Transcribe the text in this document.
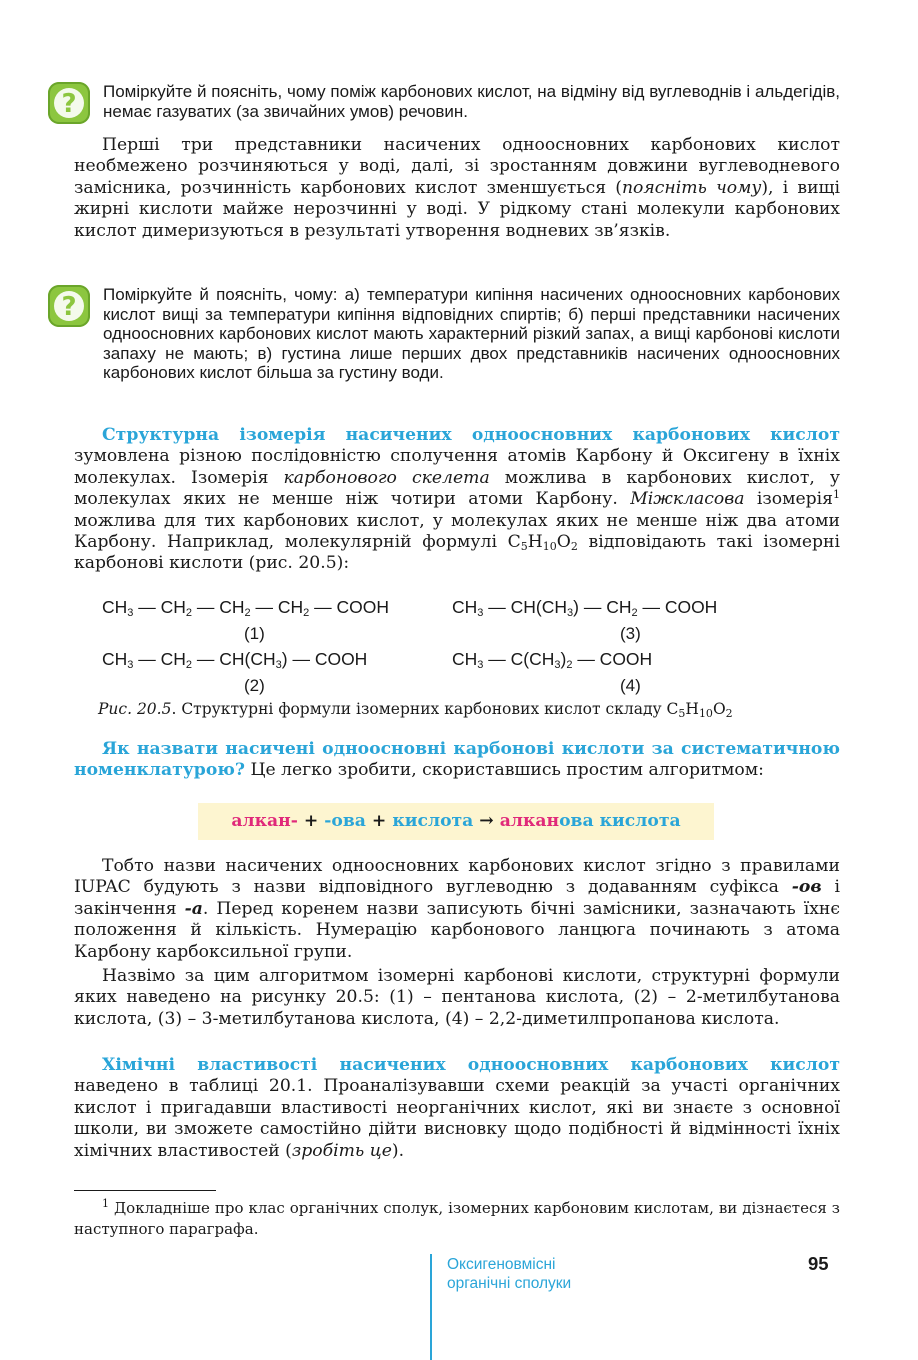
? Поміркуйте й поясніть, чому поміж карбонових кислот, на відміну від вуглеводнів і альдегідів, немає газуватих (за звичайних умов) речовин.

Перші три представники насичених одноосновних карбонових кислот необмежено розчиняються у воді, далі, зі зростанням довжини вуглеводневого замісника, розчинність карбонових кислот зменшується (поясніть чому), і вищі жирні кислоти майже нерозчинні у воді. У рідкому стані молекули карбонових кислот димеризуються в результаті утворення водневих зв’язків.

? Поміркуйте й поясніть, чому: а) температури кипіння насичених одноосновних карбонових кислот вищі за температури кипіння відповідних спиртів; б) перші представники насичених одноосновних карбонових кислот мають характерний різкий запах, а вищі карбонові кислоти запаху не мають; в) густина лише перших двох представників насичених одноосновних карбонових кислот більша за густину води.

Структурна ізомерія насичених одноосновних карбонових кислот зумовлена різною послідовністю сполучення атомів Карбону й Оксигену в їхніх молекулах. Ізомерія карбонового скелета можлива в карбонових кислот, у молекулах яких не менше ніж чотири атоми Карбону. Міжкласова ізомерія$^1$ можлива для тих карбонових кислот, у молекулах яких не менше ніж два атоми Карбону. Наприклад, молекулярній формулі $C_5H_{10}O_2$ відповідають такі ізомерні карбонові кислоти (рис. 20.5):

$CH_3$ — $CH_2$ — $CH_2$ — $CH_2$ — COOH
(1)
$CH_3$ — $CH_2$ — $CH(CH_3)$ — COOH
(2)
$CH_3$ — $CH(CH_3)$ — $CH_2$ — COOH
(3)
$CH_3$ — $C(CH_3)_2$ — COOH
(4)
Рис. 20.5. Структурні формули ізомерних карбонових кислот складу $C_5H_{10}O_2$

Як назвати насичені одноосновні карбонові кислоти за систематичною номенклатурою? Це легко зробити, скориставшись простим алгоритмом:

алкан- + -ова + кислота → алканова кислота

Тобто назви насичених одноосновних карбонових кислот згідно з правилами IUPAC будують з назви відповідного вуглеводню з додаванням суфікса -ов і закінчення -а. Перед коренем назви записують бічні замісники, зазначають їхнє положення й кількість. Нумерацію карбонового ланцюга починають з атома Карбону карбоксильної групи.

Назвімо за цим алгоритмом ізомерні карбонові кислоти, структурні формули яких наведено на рисунку 20.5: (1) – пентанова кислота, (2) – 2-метилбутанова кислота, (3) – 3-метилбутанова кислота, (4) – 2,2-диметилпропанова кислота.

Хімічні властивості насичених одноосновних карбонових кислот наведено в таблиці 20.1. Проаналізувавши схеми реакцій за участі органічних кислот і пригадавши властивості неорганічних кислот, які ви знаєте з основної школи, ви зможете самостійно дійти висновку щодо подібності й відмінності їхніх хімічних властивостей (зробіть це).

$^1$ Докладніше про клас органічних сполук, ізомерних карбоновим кислотам, ви дізнаєтеся з наступного параграфа.

Оксигеновмісні
органічні сполуки
95
